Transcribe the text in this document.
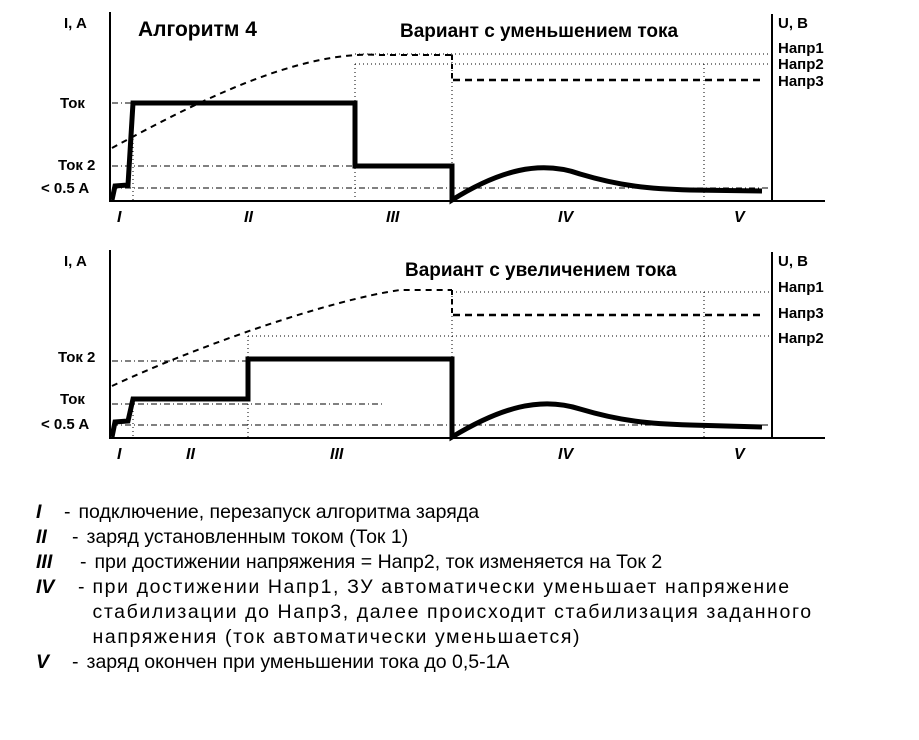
I, A Алгоритм 4	Вариант с уменьшением тока	U, В
Ток
Ток 2
< 0.5 A
Напр1
Напр2
Напр3
I	II	III	IV	V
I, A	Вариант с увеличением тока	U, В
Ток 2
Ток
< 0.5 A
Напр1
Напр3
Напр2
I	II	III	IV	V
I	- подключение, перезапуск алгоритма заряда
II	- заряд установленным током (Ток 1)
III	- при достижении напряжения = Напр2, ток изменяется на Ток 2
IV	- при достижении Напр1, ЗУ автоматически уменьшает напряжение стабилизации до Напр3, далее происходит стабилизация заданного напряжения (ток автоматически уменьшается)
V	- заряд окончен при уменьшении тока до 0,5-1А
